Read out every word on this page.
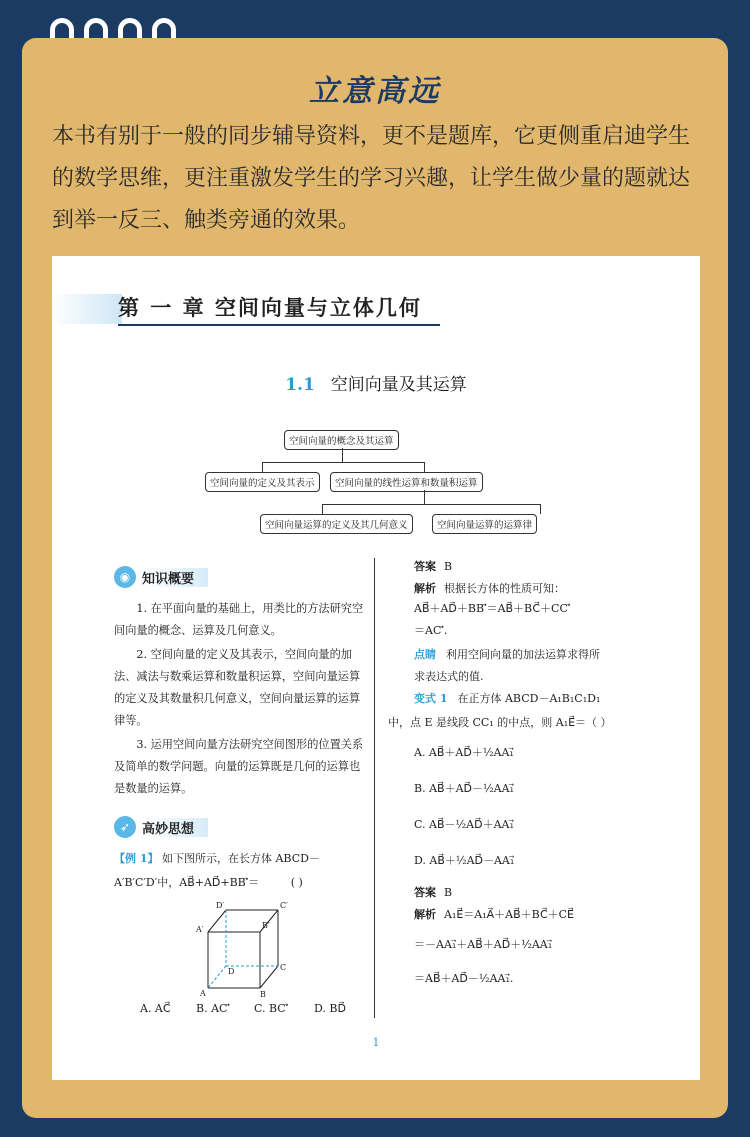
立意高远
本书有别于一般的同步辅导资料，更不是题库，它更侧重启迪学生的数学思维，更注重激发学生的学习兴趣，让学生做少量的题就达到举一反三、触类旁通的效果。
第 一 章 空间向量与立体几何
1.1 空间向量及其运算
空间向量的概念及其运算
空间向量的定义及其表示	空间向量的线性运算和数量积运算
空间向量运算的定义及其几何意义	空间向量运算的运算律
◉ 知识概要
1. 在平面向量的基础上，用类比的方法研究空间向量的概念、运算及几何意义。
2. 空间向量的定义及其表示，空间向量的加法、减法与数乘运算和数量积运算，空间向量运算的定义及其数量积几何意义，空间向量运算的运算律等。
3. 运用空间向量方法研究空间图形的位置关系及简单的数学问题。向量的运算既是几何的运算也是数量的运算。
➶ 高妙思想
【例 1】 如下图所示，在长方体 ABCD－
A′B′C′D′中，AB⃗+AD⃗+BB′⃗＝	( )
D′	C′
A′	B′
D	C
A	B
A. AC⃗ B. AC′⃗ C. BC′⃗ D. BD⃗
答案 B
解析 根据长方体的性质可知：
AB⃗＋AD⃗＋BB′⃗＝AB⃗＋BC⃗＋CC′⃗
＝AC′⃗.
点睛 利用空间向量的加法运算求得所
求表达式的值.
变式 1 在正方体 ABCD－A₁B₁C₁D₁
中，点 E 是线段 CC₁ 的中点，则 A₁E⃗＝（ ）
A. AB⃗＋AD⃗＋½AA₁⃗
B. AB⃗＋AD⃗－½AA₁⃗
C. AB⃗－½AD⃗＋AA₁⃗
D. AB⃗＋½AD⃗－AA₁⃗
答案 B
解析 A₁E⃗＝A₁A⃗＋AB⃗＋BC⃗＋CE⃗
＝－AA₁⃗＋AB⃗＋AD⃗＋½AA₁⃗
＝AB⃗＋AD⃗－½AA₁⃗.
1
